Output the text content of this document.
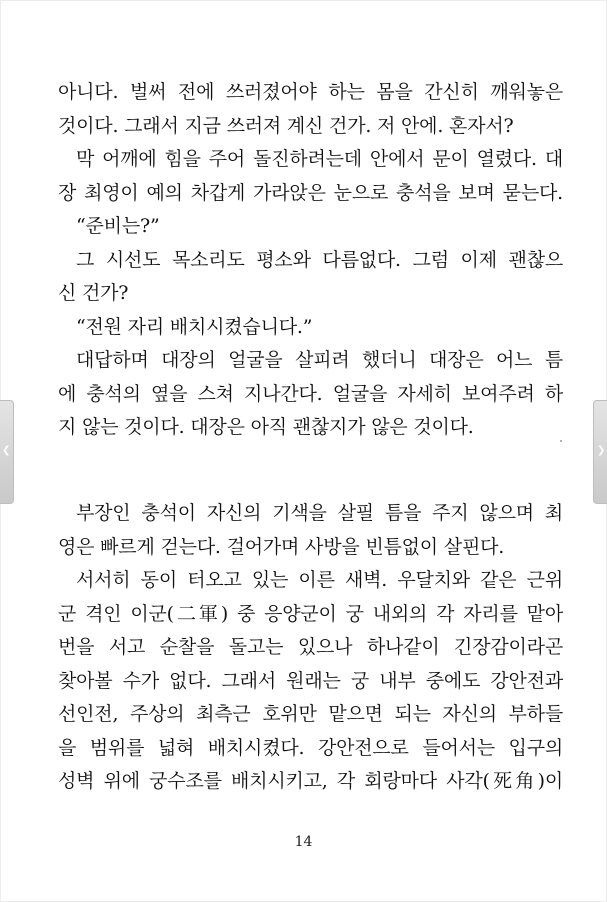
아니다. 벌써 전에 쓰러졌어야 하는 몸을 간신히 깨워놓은
것이다. 그래서 지금 쓰러져 계신 건가. 저 안에. 혼자서?
막 어깨에 힘을 주어 돌진하려는데 안에서 문이 열렸다. 대
장 최영이 예의 차갑게 가라앉은 눈으로 충석을 보며 묻는다.
“준비는?”
그 시선도 목소리도 평소와 다름없다. 그럼 이제 괜찮으
신 건가?
“전원 자리 배치시켰습니다.”
대답하며 대장의 얼굴을 살피려 했더니 대장은 어느 틈
에 충석의 옆을 스쳐 지나간다. 얼굴을 자세히 보여주려 하
지 않는 것이다. 대장은 아직 괜찮지가 않은 것이다.
부장인 충석이 자신의 기색을 살필 틈을 주지 않으며 최
영은 빠르게 걷는다. 걸어가며 사방을 빈틈없이 살핀다.
서서히 동이 터오고 있는 이른 새벽. 우달치와 같은 근위
군 격인 이군(二軍) 중 응양군이 궁 내외의 각 자리를 맡아
번을 서고 순찰을 돌고는 있으나 하나같이 긴장감이라곤
찾아볼 수가 없다. 그래서 원래는 궁 내부 중에도 강안전과
선인전, 주상의 최측근 호위만 맡으면 되는 자신의 부하들
을 범위를 넓혀 배치시켰다. 강안전으로 들어서는 입구의
성벽 위에 궁수조를 배치시키고, 각 회랑마다 사각(死角)이
14
❮	❯
